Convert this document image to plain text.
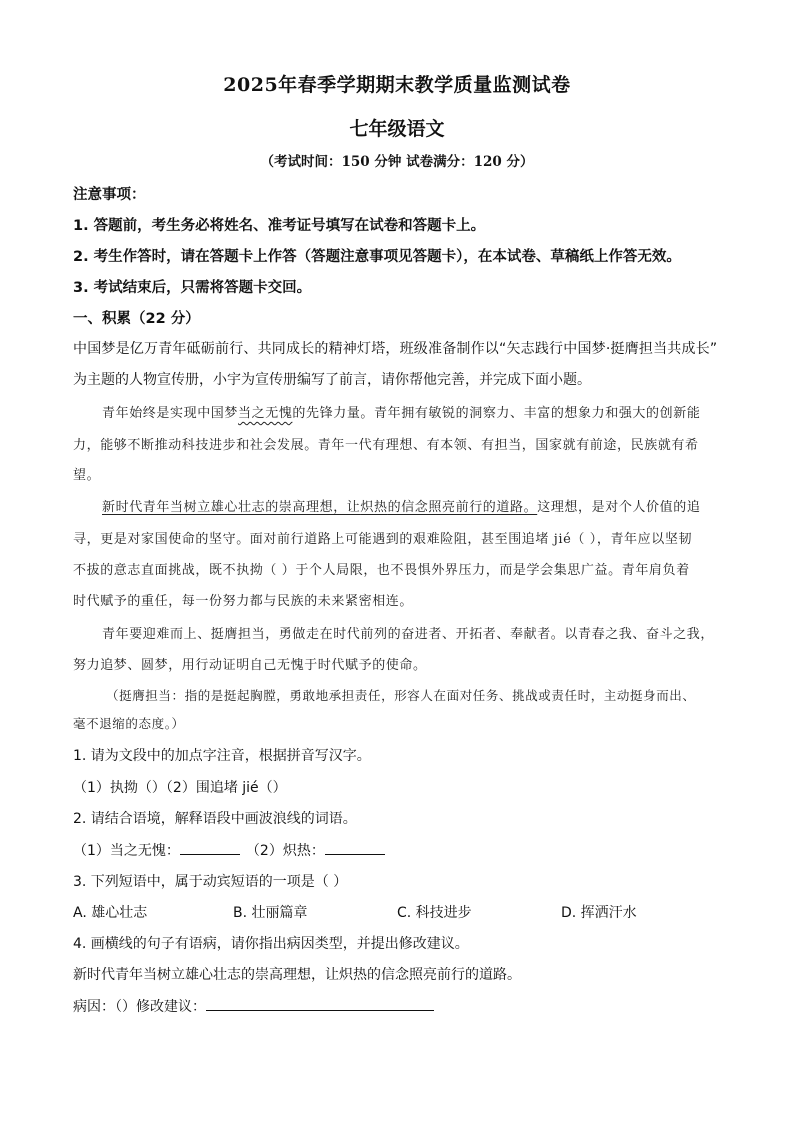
2025年春季学期期末教学质量监测试卷
七年级语文
（考试时间：150 分钟 试卷满分：120 分）
注意事项：
1. 答题前，考生务必将姓名、准考证号填写在试卷和答题卡上。
2. 考生作答时，请在答题卡上作答（答题注意事项见答题卡），在本试卷、草稿纸上作答无效。
3. 考试结束后，只需将答题卡交回。
一、积累（22 分）
中国梦是亿万青年砥砺前行、共同成长的精神灯塔，班级准备制作以“矢志践行中国梦·挺膺担当共成长”
为主题的人物宣传册，小宇为宣传册编写了前言，请你帮他完善，并完成下面小题。
青年始终是实现中国梦当之无愧的先锋力量。青年拥有敏锐的洞察力、丰富的想象力和强大的创新能
力，能够不断推动科技进步和社会发展。青年一代有理想、有本领、有担当，国家就有前途，民族就有希
望。
新时代青年当树立雄心壮志的崇高理想，让炽热的信念照亮前行的道路。这理想，是对个人价值的追
寻，更是对家国使命的坚守。面对前行道路上可能遇到的艰难险阻，甚至围追堵 jié（ ），青年应以坚韧
不拔的意志直面挑战，既不执拗（ ）于个人局限，也不畏惧外界压力，而是学会集思广益。青年肩负着
时代赋予的重任，每一份努力都与民族的未来紧密相连。
青年要迎难而上、挺膺担当，勇做走在时代前列的奋进者、开拓者、奉献者。以青春之我、奋斗之我，
努力追梦、圆梦，用行动证明自己无愧于时代赋予的使命。
（挺膺担当：指的是挺起胸膛，勇敢地承担责任，形容人在面对任务、挑战或责任时，主动挺身而出、
毫不退缩的态度。）
1. 请为文段中的加点字注音，根据拼音写汉字。
（1）执拗（）（2）围追堵 jié（）
2. 请结合语境，解释语段中画波浪线的词语。
（1）当之无愧：	（2）炽热：
3. 下列短语中，属于动宾短语的一项是（ ）
A. 雄心壮志	B. 壮丽篇章	C. 科技进步	D. 挥洒汗水
4. 画横线的句子有语病，请你指出病因类型，并提出修改建议。
新时代青年当树立雄心壮志的崇高理想，让炽热的信念照亮前行的道路。
病因：（）修改建议：
